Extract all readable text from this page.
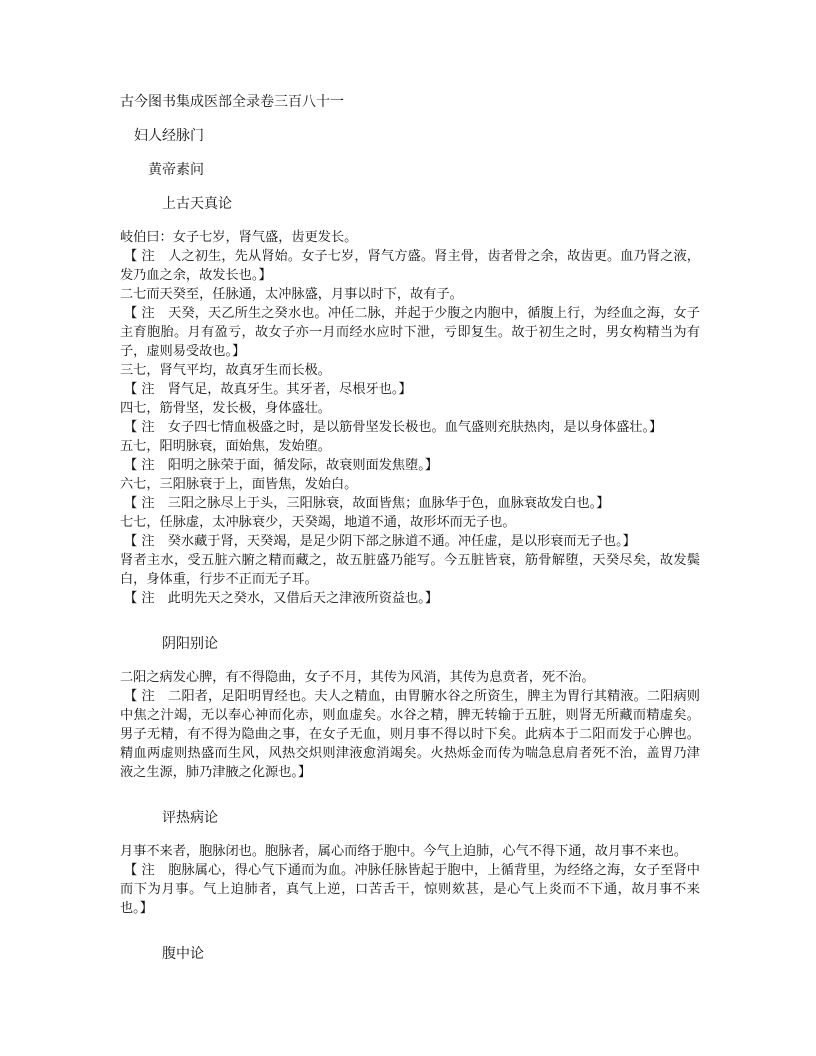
古今图书集成医部全录卷三百八十一
妇人经脉门
黄帝素问
上古天真论

岐伯曰：女子七岁，肾气盛，齿更发长。

【 注　人之初生，先从肾始。女子七岁，肾气方盛。肾主骨，齿者骨之余，故齿更。血乃肾之液，发乃血之余，故发长也。】

二七而天癸至，任脉通，太冲脉盛，月事以时下，故有子。

【 注　天癸，天乙所生之癸水也。冲任二脉，并起于少腹之内胞中，循腹上行，为经血之海，女子主育胞胎。月有盈亏，故女子亦一月而经水应时下泄，亏即复生。故于初生之时，男女构精当为有子，虚则易受故也。】

三七，肾气平均，故真牙生而长极。

【 注　肾气足，故真牙生。其牙者，尽根牙也。】

四七，筋骨坚，发长极，身体盛壮。

【 注　女子四七情血极盛之时，是以筋骨坚发长极也。血气盛则充肤热肉，是以身体盛壮。】

五七，阳明脉衰，面始焦，发始堕。

【 注　阳明之脉荣于面，循发际，故衰则面发焦堕。】

六七，三阳脉衰于上，面皆焦，发始白。

【 注　三阳之脉尽上于头，三阳脉衰，故面皆焦；血脉华于色，血脉衰故发白也。】

七七，任脉虚，太冲脉衰少，天癸竭，地道不通，故形坏而无子也。

【 注　癸水藏于肾，天癸竭，是足少阴下部之脉道不通。冲任虚，是以形衰而无子也。】

肾者主水，受五脏六腑之精而藏之，故五脏盛乃能写。今五脏皆衰，筋骨解堕，天癸尽矣，故发鬓白，身体重，行步不正而无子耳。

【 注　此明先天之癸水，又借后天之津液所资益也。】

阴阳别论

二阳之病发心脾，有不得隐曲，女子不月，其传为风消，其传为息贲者，死不治。

【 注　二阳者，足阳明胃经也。夫人之精血，由胃腑水谷之所资生，脾主为胃行其精液。二阳病则中焦之汁竭，无以奉心神而化赤，则血虚矣。水谷之精，脾无转输于五脏，则肾无所藏而精虚矣。男子无精，有不得为隐曲之事，在女子无血，则月事不得以时下矣。此病本于二阳而发于心脾也。精血两虚则热盛而生风，风热交炽则津液愈消竭矣。火热烁金而传为喘急息肩者死不治，盖胃乃津液之生源，肺乃津腋之化源也。】

评热病论

月事不来者，胞脉闭也。胞脉者，属心而络于胞中。今气上迫肺，心气不得下通，故月事不来也。

【 注　胞脉属心，得心气下通而为血。冲脉任脉皆起于胞中，上循背里，为经络之海，女子至肾中而下为月事。气上迫肺者，真气上逆，口苦舌干，惊则欬甚，是心气上炎而不下通，故月事不来也。】

腹中论
